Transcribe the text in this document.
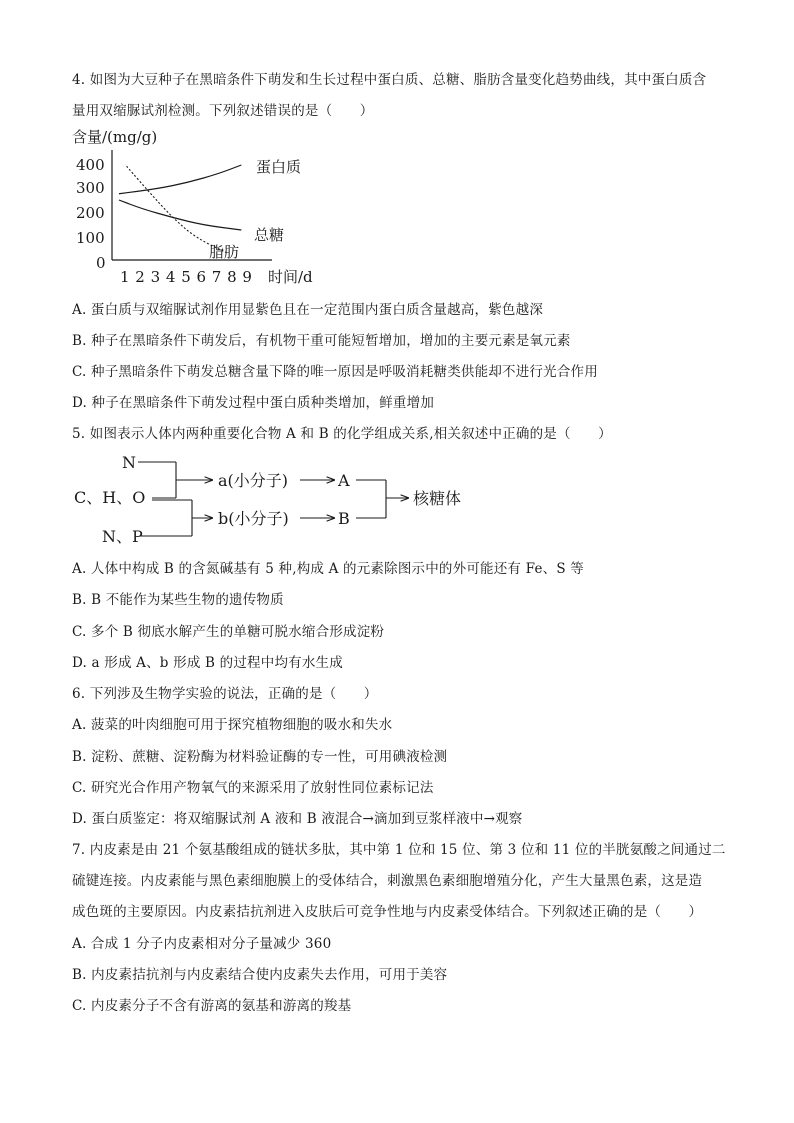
4. 如图为大豆种子在黑暗条件下萌发和生长过程中蛋白质、总糖、脂肪含量变化趋势曲线，其中蛋白质含
量用双缩脲试剂检测。下列叙述错误的是（　　）
含量/(mg/g)
400
300
200
100
0
1 2 3 4 5 6 7 8 9 时间/d
蛋白质
总糖
脂肪
A. 蛋白质与双缩脲试剂作用显紫色且在一定范围内蛋白质含量越高，紫色越深
B. 种子在黑暗条件下萌发后，有机物干重可能短暂增加，增加的主要元素是氧元素
C. 种子黑暗条件下萌发总糖含量下降的唯一原因是呼吸消耗糖类供能却不进行光合作用
D. 种子在黑暗条件下萌发过程中蛋白质种类增加，鲜重增加
5. 如图表示人体内两种重要化合物 A 和 B 的化学组成关系,相关叙述中正确的是（　　）
N
C、H、O
N、P
a(小分子)
b(小分子)
A
B
核糖体
A. 人体中构成 B 的含氮碱基有 5 种,构成 A 的元素除图示中的外可能还有 Fe、S 等
B. B 不能作为某些生物的遗传物质
C. 多个 B 彻底水解产生的单糖可脱水缩合形成淀粉
D. a 形成 A、b 形成 B 的过程中均有水生成
6. 下列涉及生物学实验的说法，正确的是（　　）
A. 菠菜的叶肉细胞可用于探究植物细胞的吸水和失水
B. 淀粉、蔗糖、淀粉酶为材料验证酶的专一性，可用碘液检测
C. 研究光合作用产物氧气的来源采用了放射性同位素标记法
D. 蛋白质鉴定：将双缩脲试剂 A 液和 B 液混合→滴加到豆浆样液中→观察
7. 内皮素是由 21 个氨基酸组成的链状多肽，其中第 1 位和 15 位、第 3 位和 11 位的半胱氨酸之间通过二
硫键连接。内皮素能与黑色素细胞膜上的受体结合，刺激黑色素细胞增殖分化，产生大量黑色素，这是造
成色斑的主要原因。内皮素拮抗剂进入皮肤后可竞争性地与内皮素受体结合。下列叙述正确的是（　　）
A. 合成 1 分子内皮素相对分子量减少 360
B. 内皮素拮抗剂与内皮素结合使内皮素失去作用，可用于美容
C. 内皮素分子不含有游离的氨基和游离的羧基
